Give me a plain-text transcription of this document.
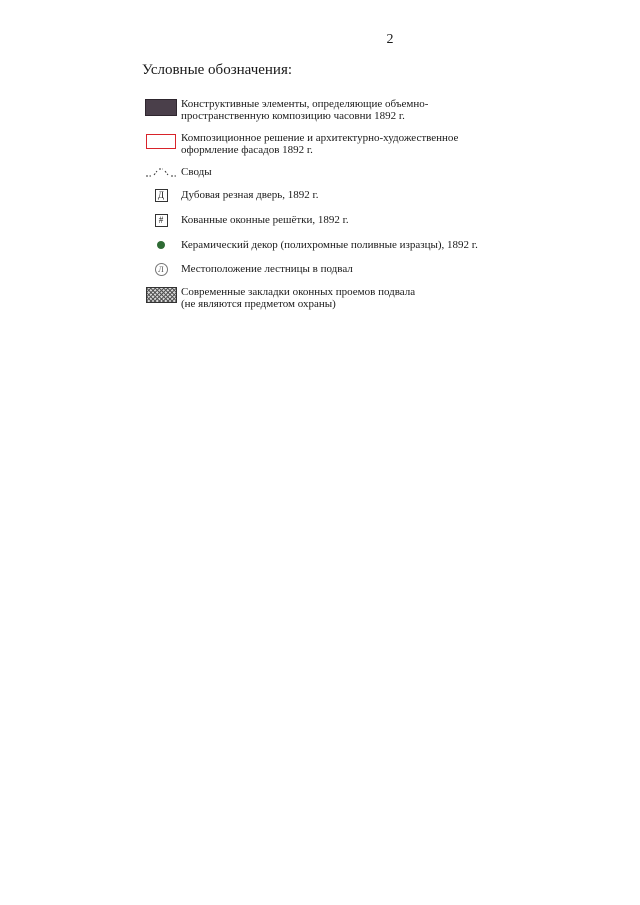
2
Условные обозначения:
Конструктивные элементы, определяющие объемно-
пространственную композицию часовни 1892 г.
Композиционное решение и архитектурно-художественное
оформление фасадов 1892 г.
Своды
Д	Дубовая резная дверь, 1892 г.
#	Кованные оконные решётки, 1892 г.
Керамический декор (полихромные поливные изразцы), 1892 г.
Л	Местоположение лестницы в подвал
Современные закладки оконных проемов подвала
(не являются предметом охраны)
